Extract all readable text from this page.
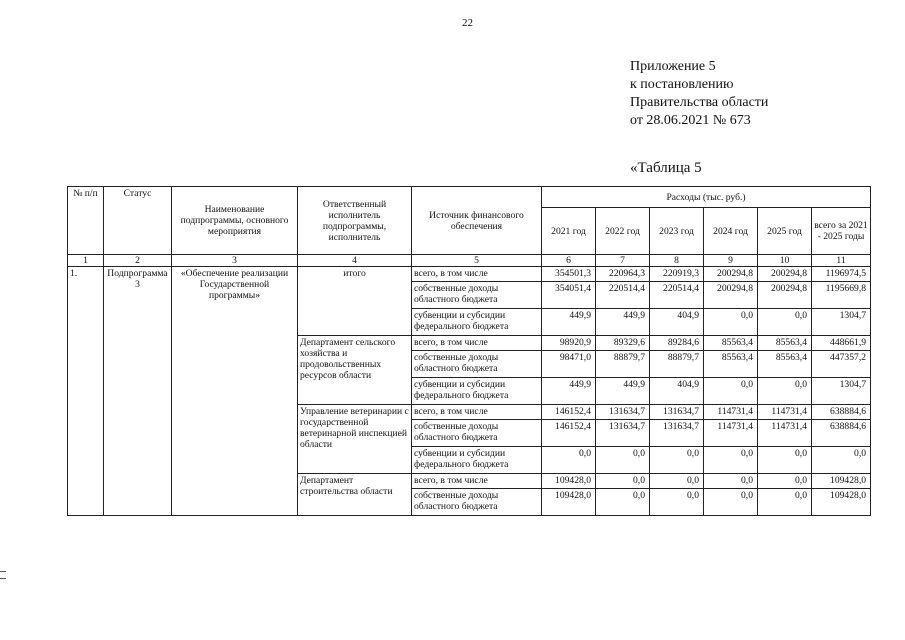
22
Приложение 5
к постановлению
Правительства области
от 28.06.2021 № 673
«Таблица 5
№ п/п	Статус	Наименование подпрограммы, основного мероприятия	Ответственный исполнитель подпрограммы, исполнитель	Источник финансового обеспечения	Расходы (тыс. руб.)					
					2021 год	2022 год	2023 год	2024 год	2025 год	всего за 2021 - 2025 годы
1	2	3	4	5	6	7	8	9	10	11
1.	Подпрограмма 3	«Обеспечение реализации Государственной программы»	итого	всего, в том числе	354501,3	220964,3	220919,3	200294,8	200294,8	1196974,5
				собственные доходы областного бюджета	354051,4	220514,4	220514,4	200294,8	200294,8	1195669,8
				субвенции и субсидии федерального бюджета	449,9	449,9	404,9	0,0	0,0	1304,7
			Департамент сельского хозяйства и продовольственных ресурсов области	всего, в том числе	98920,9	89329,6	89284,6	85563,4	85563,4	448661,9
				собственные доходы областного бюджета	98471,0	88879,7	88879,7	85563,4	85563,4	447357,2
				субвенции и субсидии федерального бюджета	449,9	449,9	404,9	0,0	0,0	1304,7
			Управление ветеринарии с государственной ветеринарной инспекцией области	всего, в том числе	146152,4	131634,7	131634,7	114731,4	114731,4	638884,6
				собственные доходы областного бюджета	146152,4	131634,7	131634,7	114731,4	114731,4	638884,6
				субвенции и субсидии федерального бюджета	0,0	0,0	0,0	0,0	0,0	0,0
			Департамент строительства области	всего, в том числе	109428,0	0,0	0,0	0,0	0,0	109428,0
				собственные доходы областного бюджета	109428,0	0,0	0,0	0,0	0,0	109428,0
